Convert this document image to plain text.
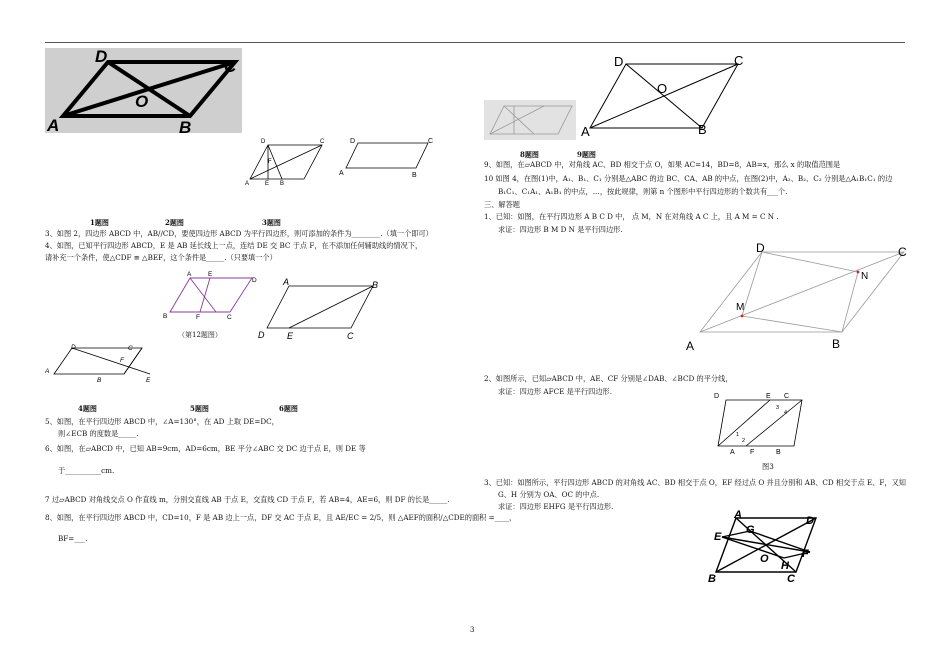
D
C
O
A	B
D	C
F
A	E B
D	C
A	B
1题图	2题图	3题图
3、如图 2，四边形 ABCD 中，AB//CD，要使四边形 ABCD 为平行四边形，则可添加的条件为________.（填一个即可）
4、如图，已知平行四边形 ABCD，E 是 AB 延长线上一点，连结 DE 交 BC 于点 F，在不添加任何辅助线的情况下，
请补充一个条件，使△CDF ≌ △BEF，这个条件是_____.（只要填一个）
A	E
D
B	F	C
（第12题图）
A	B
D	E	C
D	C
F
A
B	E
4题图	5题图	6题图
5、如图，在平行四边形 ABCD 中，∠A=130°，在 AD 上取 DE=DC，
则∠ECB 的度数是_____.
6、如图，在▱ABCD 中，已知 AB=9cm，AD=6cm，BE 平分∠ABC 交 DC 边于点 E，则 DE 等
于__________cm.
7 过▱ABCD 对角线交点 O 作直线 m，分别交直线 AB 于点 E，交直线 CD 于点 F，若 AB=4，AE=6，则 DF 的长是_____.
8、如图，在平行四边形 ABCD 中，CD=10，F 是 AB 边上一点，DF 交 AC 于点 E，且 AE/EC = 2/5，则 △AEF的面积/△CDE的面积 =____，
BF=___.
D	C
O
A	B
8题图	9题图
9、如图，在▱ABCD 中，对角线 AC、BD 相交于点 O，如果 AC=14，BD=8，AB=x，那么 x 的取值范围是
10 如图 4，在图(1)中，A₁、B₁、C₁ 分别是△ABC 的边 BC、CA、AB 的中点，在图(2)中，A₂、B₂、C₂ 分别是△A₁B₁C₁ 的边
B₁C₁、C₁A₁、A₁B₁ 的中点，…，按此规律，则第 n 个图形中平行四边形的个数共有___个.
三、解答题
1、已知：如图，在平行四边形 A B C D 中， 点 M，N 在对角线 A C 上，且 A M = C N .
求证：四边形 B M D N 是平行四边形.
D	C
N
M
A	B
2、如图所示，已知▱ABCD 中，AE、CF 分别是∠DAB、∠BCD 的平分线，
求证：四边形 AFCE 是平行四边形.
D	E C
3
4
1
2
A F	B
图3
3、已知：如图所示，平行四边形 ABCD 的对角线 AC、BD 相交于点 O，EF 经过点 O 并且分别和 AB、CD 相交于点 E、F，又知
G、H 分别为 OA、OC 的中点.
求证：四边形 EHFG 是平行四边形.
A	D
G
E
O
H
F
B	C
3
